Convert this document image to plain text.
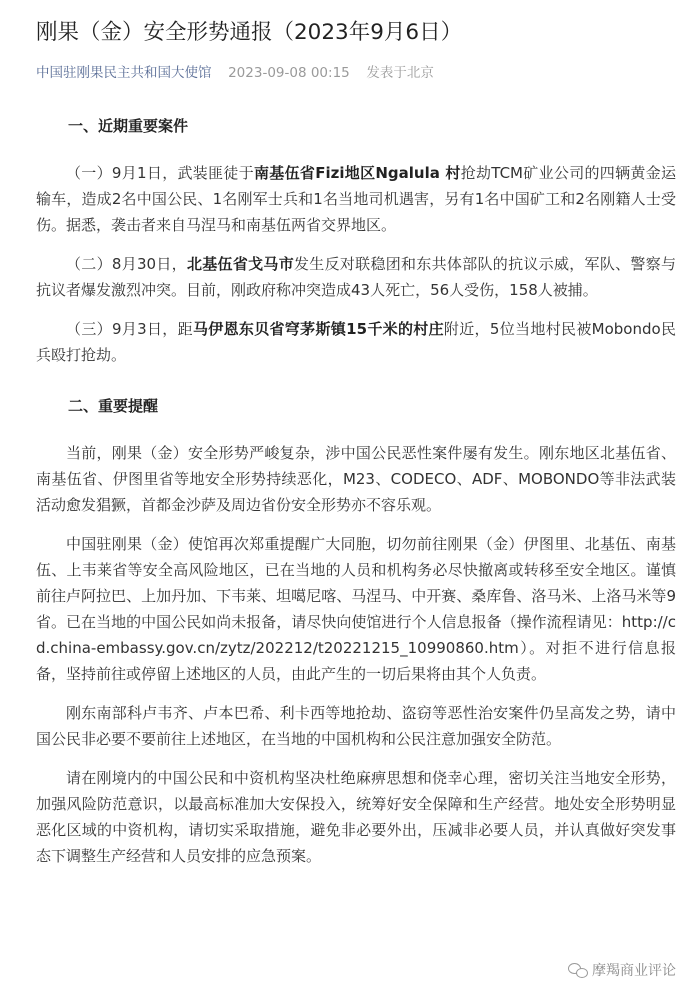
刚果（金）安全形势通报（2023年9月6日）
中国驻刚果民主共和国大使馆 2023-09-08 00:15 发表于北京
一、近期重要案件

（一）9月1日，武装匪徒于南基伍省Fizi地区Ngalula 村抢劫TCM矿业公司的四辆黄金运输车，造成2名中国公民、1名刚军士兵和1名当地司机遇害，另有1名中国矿工和2名刚籍人士受伤。据悉，袭击者来自马涅马和南基伍两省交界地区。

（二）8月30日，北基伍省戈马市发生反对联稳团和东共体部队的抗议示威，军队、警察与抗议者爆发激烈冲突。目前，刚政府称冲突造成43人死亡，56人受伤，158人被捕。

（三）9月3日，距马伊恩东贝省穹茅斯镇15千米的村庄附近，5位当地村民被Mobondo民兵殴打抢劫。

二、重要提醒

当前，刚果（金）安全形势严峻复杂，涉中国公民恶性案件屡有发生。刚东地区北基伍省、南基伍省、伊图里省等地安全形势持续恶化，M23、CODECO、ADF、MOBONDO等非法武装活动愈发猖獗，首都金沙萨及周边省份安全形势亦不容乐观。

中国驻刚果（金）使馆再次郑重提醒广大同胞，切勿前往刚果（金）伊图里、北基伍、南基伍、上韦莱省等安全高风险地区，已在当地的人员和机构务必尽快撤离或转移至安全地区。谨慎前往卢阿拉巴、上加丹加、下韦莱、坦噶尼喀、马涅马、中开赛、桑库鲁、洛马米、上洛马米等9省。已在当地的中国公民如尚未报备，请尽快向使馆进行个人信息报备（操作流程请见：http://cd.china-embassy.gov.cn/zytz/202212/t20221215_10990860.htm）。对拒不进行信息报备，坚持前往或停留上述地区的人员，由此产生的一切后果将由其个人负责。

刚东南部科卢韦齐、卢本巴希、利卡西等地抢劫、盗窃等恶性治安案件仍呈高发之势，请中国公民非必要不要前往上述地区，在当地的中国机构和公民注意加强安全防范。

请在刚境内的中国公民和中资机构坚决杜绝麻痹思想和侥幸心理，密切关注当地安全形势，加强风险防范意识，以最高标准加大安保投入，统筹好安全保障和生产经营。地处安全形势明显恶化区域的中资机构，请切实采取措施，避免非必要外出，压减非必要人员，并认真做好突发事态下调整生产经营和人员安排的应急预案。

摩羯商业评论
